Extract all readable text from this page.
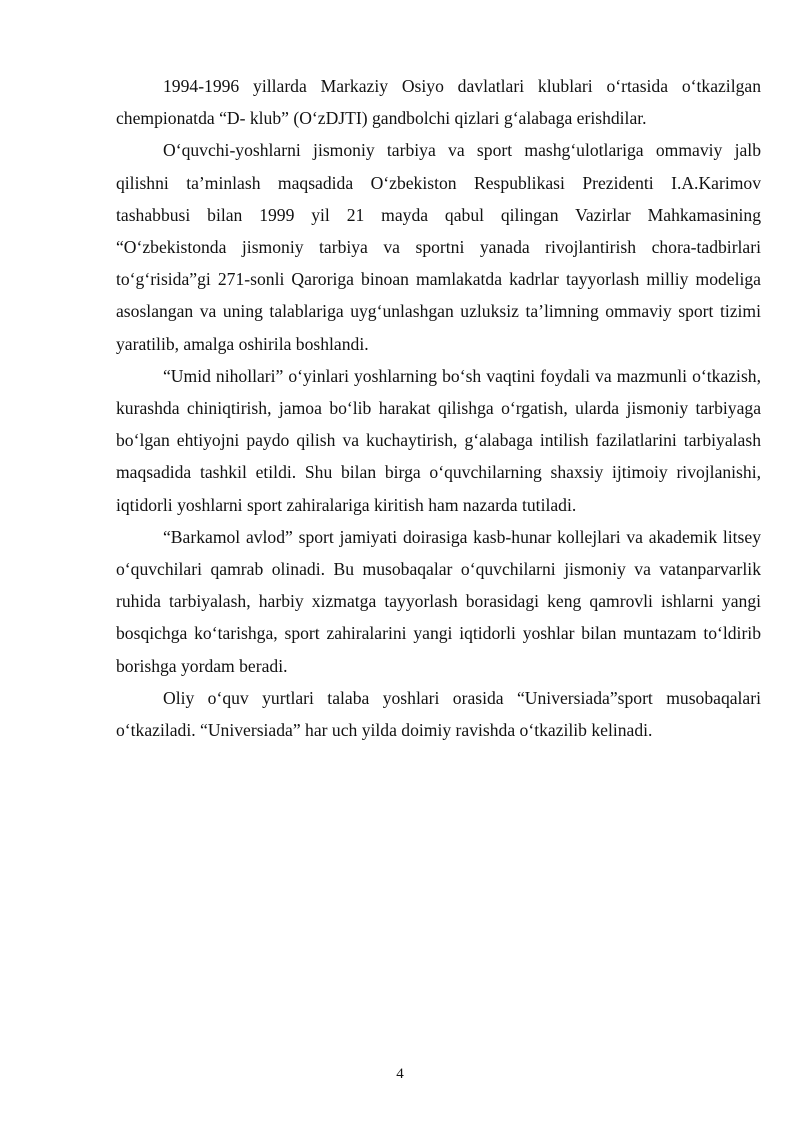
1994-1996 yillarda Markaziy Osiyo davlatlari klublari o‘rtasida o‘tkazilgan chempionatda “D- klub” (O‘zDJTI) gandbolchi qizlari g‘alabaga erishdilar.

O‘quvchi-yoshlarni jismoniy tarbiya va sport mashg‘ulotlariga ommaviy jalb qilishni ta’minlash maqsadida O‘zbekiston Respublikasi Prezidenti I.A.Karimov tashabbusi bilan 1999 yil 21 mayda qabul qilingan Vazirlar Mahkamasining “O‘zbekistonda jismoniy tarbiya va sportni yanada rivojlantirish chora-tadbirlari to‘g‘risida”gi 271-sonli Qaroriga binoan mamlakatda kadrlar tayyorlash milliy modeliga asoslangan va uning talablariga uyg‘unlashgan uzluksiz ta’limning ommaviy sport tizimi yaratilib, amalga oshirila boshlandi.

“Umid nihollari” o‘yinlari yoshlarning bo‘sh vaqtini foydali va mazmunli o‘tkazish, kurashda chiniqtirish, jamoa bo‘lib harakat qilishga o‘rgatish, ularda jismoniy tarbiyaga bo‘lgan ehtiyojni paydo qilish va kuchaytirish, g‘alabaga intilish fazilatlarini tarbiyalash maqsadida tashkil etildi. Shu bilan birga o‘quvchilarning shaxsiy ijtimoiy rivojlanishi, iqtidorli yoshlarni sport zahiralariga kiritish ham nazarda tutiladi.

“Barkamol avlod” sport jamiyati doirasiga kasb-hunar kollejlari va akademik litsey o‘quvchilari qamrab olinadi. Bu musobaqalar o‘quvchilarni jismoniy va vatanparvarlik ruhida tarbiyalash, harbiy xizmatga tayyorlash borasidagi keng qamrovli ishlarni yangi bosqichga ko‘tarishga, sport zahiralarini yangi iqtidorli yoshlar bilan muntazam to‘ldirib borishga yordam beradi.

Oliy o‘quv yurtlari talaba yoshlari orasida “Universiada”sport musobaqalari o‘tkaziladi. “Universiada” har uch yilda doimiy ravishda o‘tkazilib kelinadi.

4
